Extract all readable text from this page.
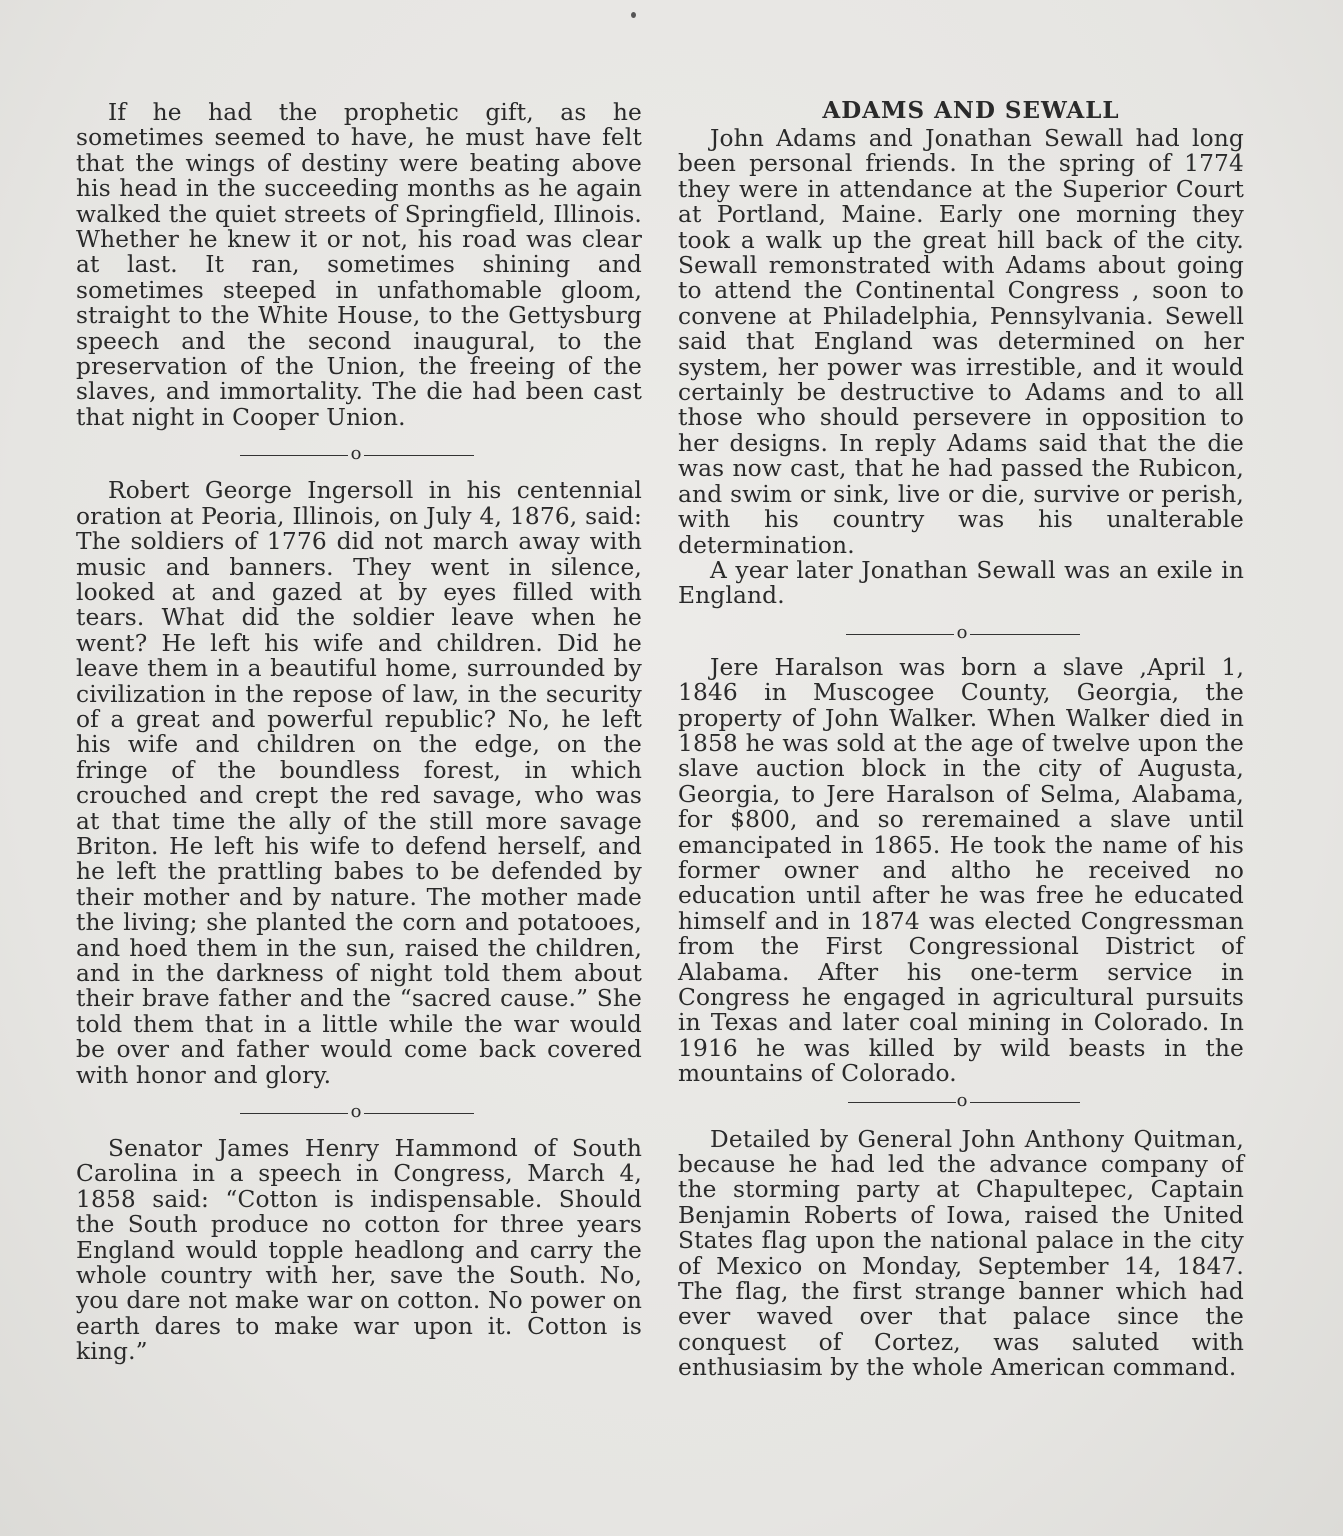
If he had the prophetic gift, as he sometimes seemed to have, he must have felt that the wings of destiny were beating above his head in the succeeding months as he again walked the quiet streets of Springfield, Illinois. Whether he knew it or not, his road was clear at last. It ran, sometimes shining and sometimes steeped in unfathomable gloom, straight to the White House, to the Gettysburg speech and the second inaugural, to the preservation of the Union, the freeing of the slaves, and immortality. The die had been cast that night in Cooper Union.

o

Robert George Ingersoll in his centennial oration at Peoria, Illinois, on July 4, 1876, said: The soldiers of 1776 did not march away with music and banners. They went in silence, looked at and gazed at by eyes filled with tears. What did the soldier leave when he went? He left his wife and children. Did he leave them in a beautiful home, surrounded by civilization in the repose of law, in the security of a great and powerful republic? No, he left his wife and children on the edge, on the fringe of the boundless forest, in which crouched and crept the red savage, who was at that time the ally of the still more savage Briton. He left his wife to defend herself, and he left the prattling babes to be defended by their mother and by nature. The mother made the living; she planted the corn and potatooes, and hoed them in the sun, raised the children, and in the darkness of night told them about their brave father and the “sacred cause.” She told them that in a little while the war would be over and father would come back covered with honor and glory.

o

Senator James Henry Hammond of South Carolina in a speech in Congress, March 4, 1858 said: “Cotton is indispensable. Should the South produce no cotton for three years England would topple headlong and carry the whole country with her, save the South. No, you dare not make war on cotton. No power on earth dares to make war upon it. Cotton is king.”

ADAMS AND SEWALL

John Adams and Jonathan Sewall had long been personal friends. In the spring of 1774 they were in attendance at the Superior Court at Portland, Maine. Early one morning they took a walk up the great hill back of the city. Sewall remonstrated with Adams about going to attend the Continental Congress , soon to convene at Philadelphia, Pennsylvania. Sewell said that England was determined on her system, her power was irrestible, and it would certainly be destructive to Adams and to all those who should persevere in opposition to her designs. In reply Adams said that the die was now cast, that he had passed the Rubicon, and swim or sink, live or die, survive or perish, with his country was his unalterable determination.

A year later Jonathan Sewall was an exile in England.

o

Jere Haralson was born a slave ,April 1, 1846 in Muscogee County, Georgia, the property of John Walker. When Walker died in 1858 he was sold at the age of twelve upon the slave auction block in the city of Augusta, Georgia, to Jere Haralson of Selma, Alabama, for $800, and so reremained a slave until emancipated in 1865. He took the name of his former owner and altho he received no education until after he was free he educated himself and in 1874 was elected Congressman from the First Congressional District of Alabama. After his one-term service in Congress he engaged in agricultural pursuits in Texas and later coal mining in Colorado. In 1916 he was killed by wild beasts in the mountains of Colorado.

o

Detailed by General John Anthony Quitman, because he had led the advance company of the storming party at Chapultepec, Captain Benjamin Roberts of Iowa, raised the United States flag upon the national palace in the city of Mexico on Monday, September 14, 1847. The flag, the first strange banner which had ever waved over that palace since the conquest of Cortez, was saluted with enthusiasim by the whole American command.
